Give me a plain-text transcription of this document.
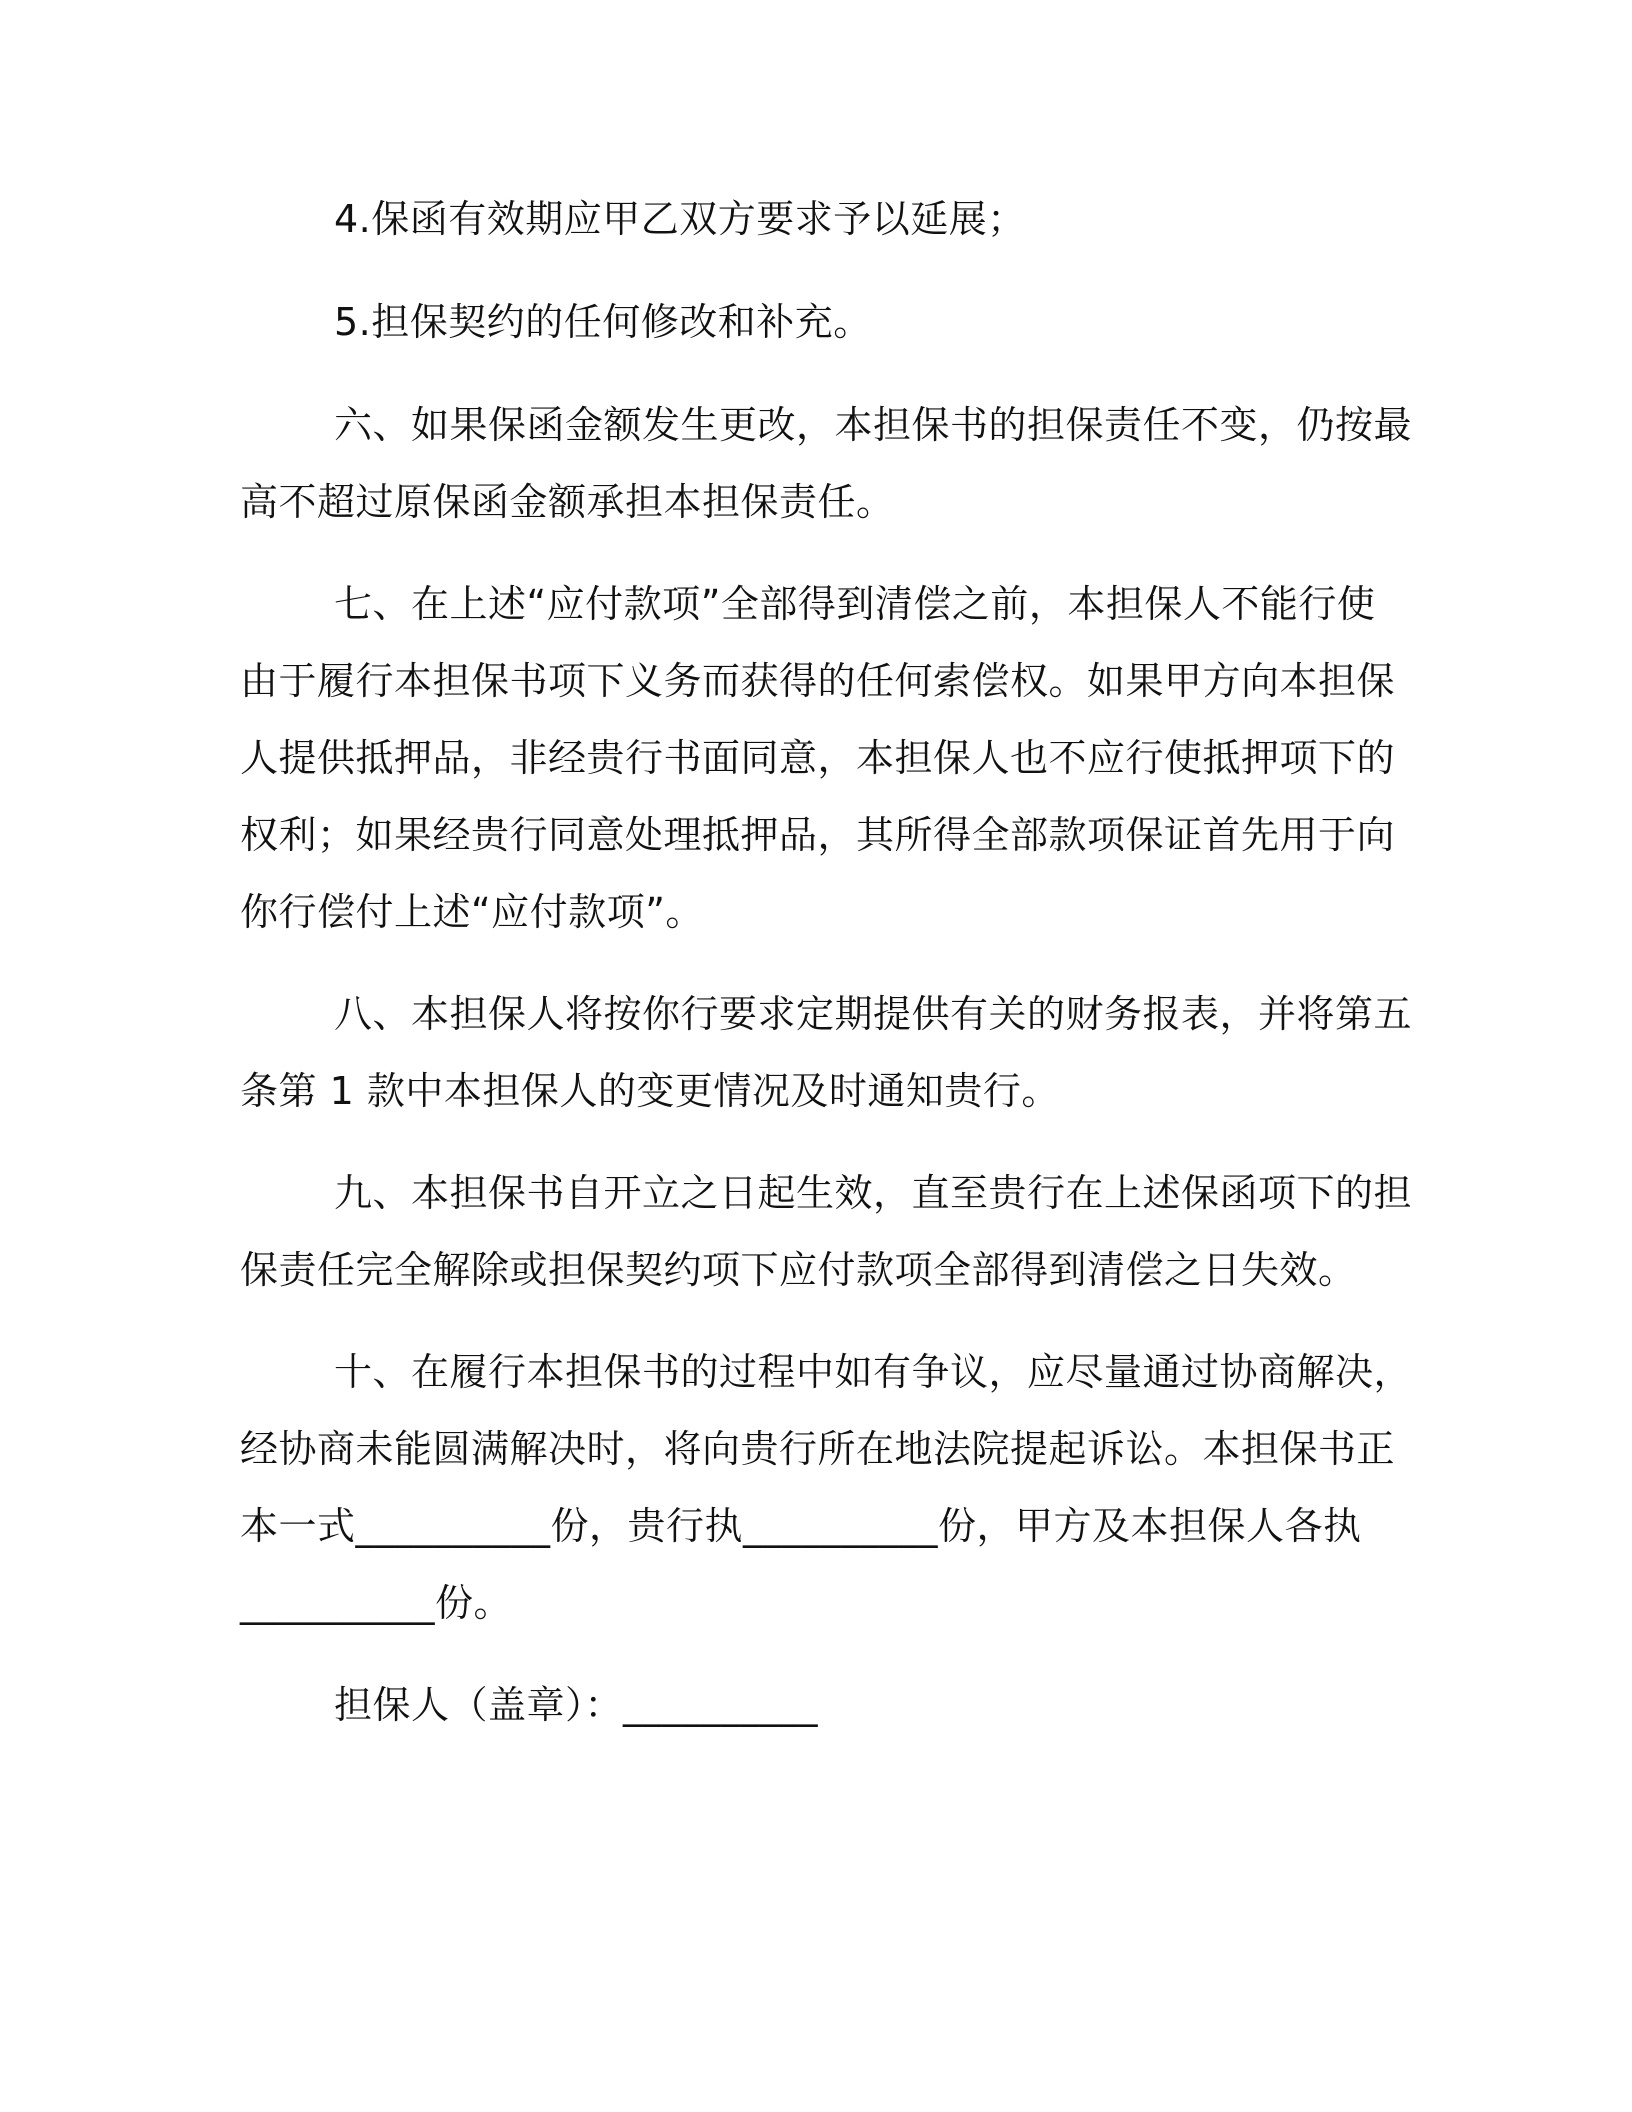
4.保函有效期应甲乙双方要求予以延展；
5.担保契约的任何修改和补充。
六、如果保函金额发生更改，本担保书的担保责任不变，仍按最
高不超过原保函金额承担本担保责任。
七、在上述“应付款项”全部得到清偿之前，本担保人不能行使
由于履行本担保书项下义务而获得的任何索偿权。如果甲方向本担保
人提供抵押品，非经贵行书面同意，本担保人也不应行使抵押项下的
权利；如果经贵行同意处理抵押品，其所得全部款项保证首先用于向
你行偿付上述“应付款项”。
八、本担保人将按你行要求定期提供有关的财务报表，并将第五
条第 1 款中本担保人的变更情况及时通知贵行。
九、本担保书自开立之日起生效，直至贵行在上述保函项下的担
保责任完全解除或担保契约项下应付款项全部得到清偿之日失效。
十、在履行本担保书的过程中如有争议，应尽量通过协商解决，
经协商未能圆满解决时，将向贵行所在地法院提起诉讼。本担保书正
本一式__________份，贵行执__________份，甲方及本担保人各执
__________份。
担保人（盖章）：__________
